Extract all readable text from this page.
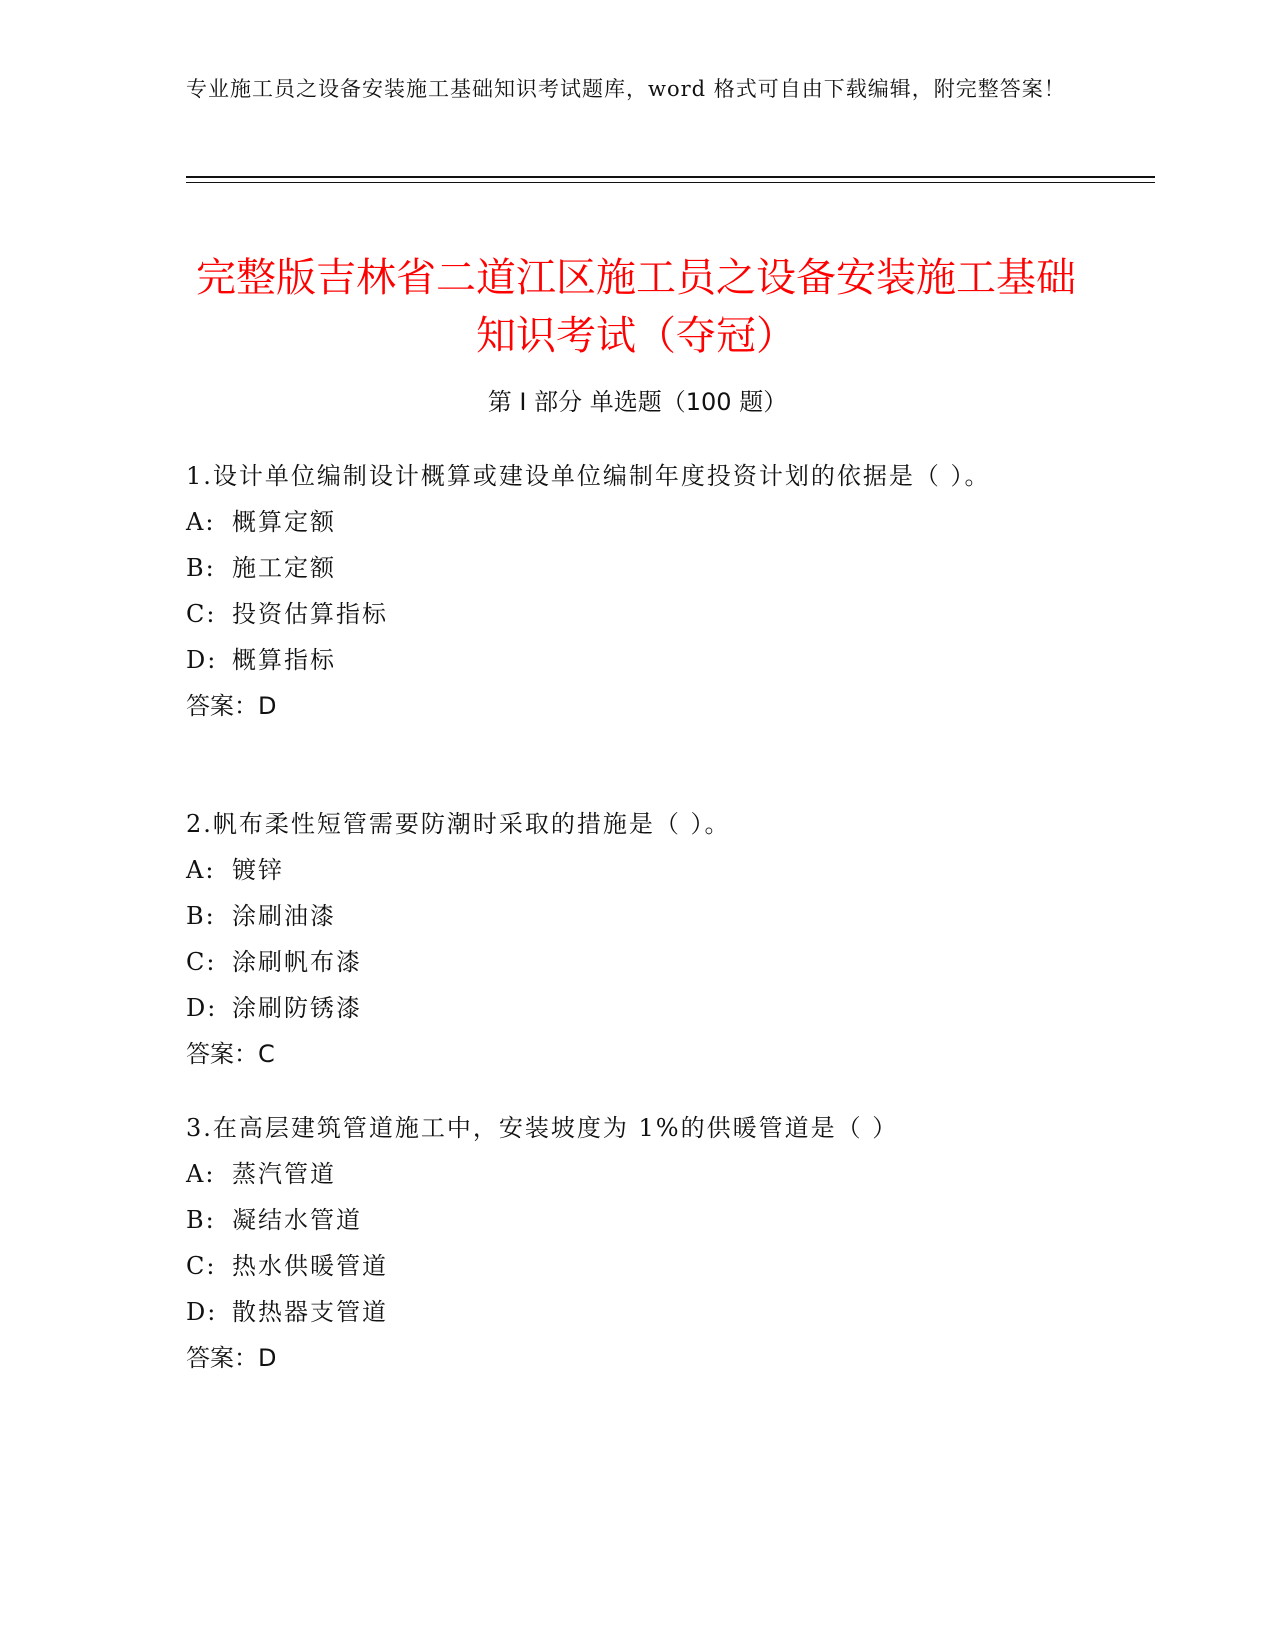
专业施工员之设备安装施工基础知识考试题库，word 格式可自由下载编辑，附完整答案！
完整版吉林省二道江区施工员之设备安装施工基础知识考试（夺冠）
第 I 部分 单选题（100 题）

1.设计单位编制设计概算或建设单位编制年度投资计划的依据是（ ）。

A: 概算定额

B: 施工定额

C: 投资估算指标

D: 概算指标

答案：D

2.帆布柔性短管需要防潮时采取的措施是（ ）。

A: 镀锌

B: 涂刷油漆

C: 涂刷帆布漆

D: 涂刷防锈漆

答案：C

3.在高层建筑管道施工中，安装坡度为 1%的供暖管道是（ ）

A: 蒸汽管道

B: 凝结水管道

C: 热水供暖管道

D: 散热器支管道

答案：D
